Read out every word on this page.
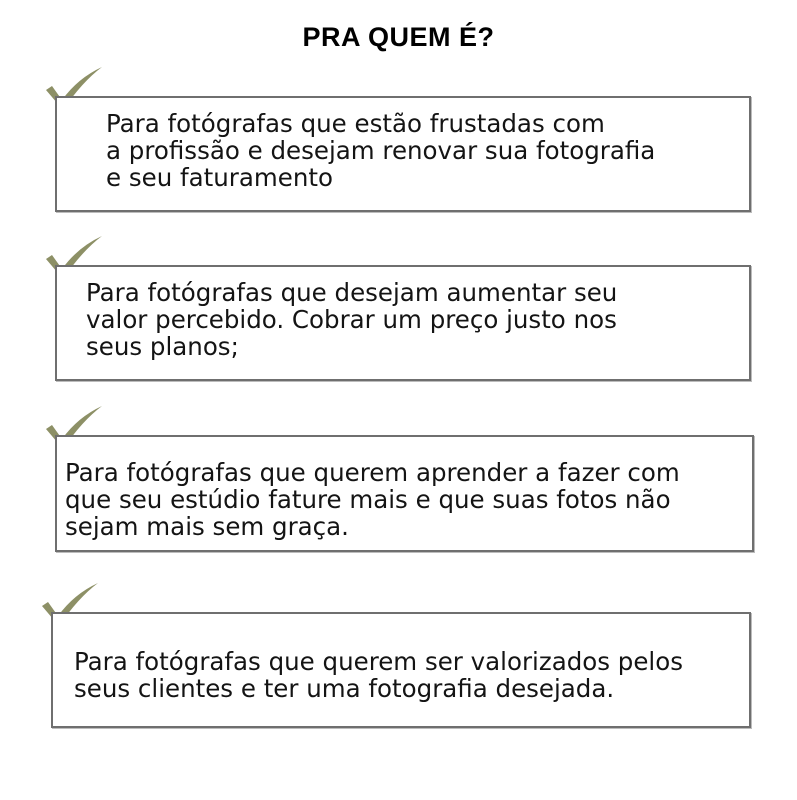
PRA QUEM É?

Para fotógrafas que estão frustadas com
a profissão e desejam renovar sua fotografia
e seu faturamento

Para fotógrafas que desejam aumentar seu
valor percebido. Cobrar um preço justo nos
seus planos;

Para fotógrafas que querem aprender a fazer com
que seu estúdio fature mais e que suas fotos não
sejam mais sem graça.

Para fotógrafas que querem ser valorizados pelos
seus clientes e ter uma fotografia desejada.
